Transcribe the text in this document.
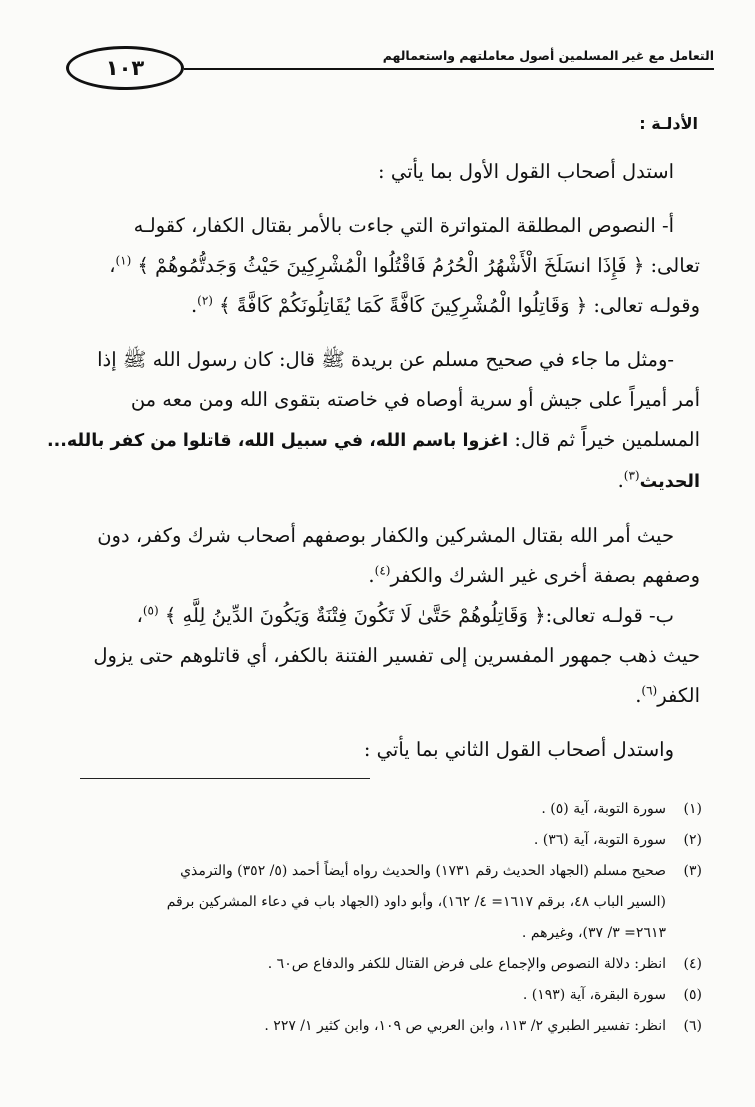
١٠٣
التعامل مع غير المسلمين أصول معاملتهم واستعمالهم
الأدلـة :
استدل أصحاب القول الأول بما يأتي :
أ- النصوص المطلقة المتواترة التي جاءت بالأمر بقتال الكفار، كقولـه
تعالى: ﴿ فَإِذَا انسَلَخَ الْأَشْهُرُ الْحُرُمُ فَاقْتُلُوا الْمُشْرِكِينَ حَيْثُ وَجَدتُّمُوهُمْ ﴾ $^{(١)}$،
وقولـه تعالى: ﴿ وَقَاتِلُوا الْمُشْرِكِينَ كَافَّةً كَمَا يُقَاتِلُونَكُمْ كَافَّةً ﴾ $^{(٢)}$.
-ومثل ما جاء في صحيح مسلم عن بريدة ﷺ قال: كان رسول الله ﷺ إذا
أمر أميراً على جيش أو سرية أوصاه في خاصته بتقوى الله ومن معه من
المسلمين خيراً ثم قال: اغزوا باسم الله، في سبيل الله، قاتلوا من كفر بالله...
الحديث$^{(٣)}$.
حيث أمر الله بقتال المشركين والكفار بوصفهم أصحاب شرك وكفر، دون
وصفهم بصفة أخرى غير الشرك والكفر$^{(٤)}$.
ب- قولـه تعالى:﴿ وَقَاتِلُوهُمْ حَتَّىٰ لَا تَكُونَ فِتْنَةٌ وَيَكُونَ الدِّينُ لِلَّهِ ﴾ $^{(٥)}$،
حيث ذهب جمهور المفسرين إلى تفسير الفتنة بالكفر، أي قاتلوهم حتى يزول
الكفر$^{(٦)}$.
واستدل أصحاب القول الثاني بما يأتي :
(١)
سورة التوبة، آية (٥) .
(٢)
سورة التوبة، آية (٣٦) .
(٣)
صحيح مسلم (الجهاد الحديث رقم ١٧٣١) والحديث رواه أيضاً أحمد (٥/ ٣٥٢) والترمذي
(السير الباب ٤٨، برقم ١٦١٧= ٤/ ١٦٢)، وأبو داود (الجهاد باب في دعاء المشركين برقم
٢٦١٣= ٣/ ٣٧)، وغيرهم .
(٤)
انظر: دلالة النصوص والإجماع على فرض القتال للكفر والدفاع ص٦٠ .
(٥)
سورة البقرة، آية (١٩٣) .
(٦)
انظر: تفسير الطبري ٢/ ١١٣، وابن العربي ص ١٠٩، وابن كثير ١/ ٢٢٧ .
